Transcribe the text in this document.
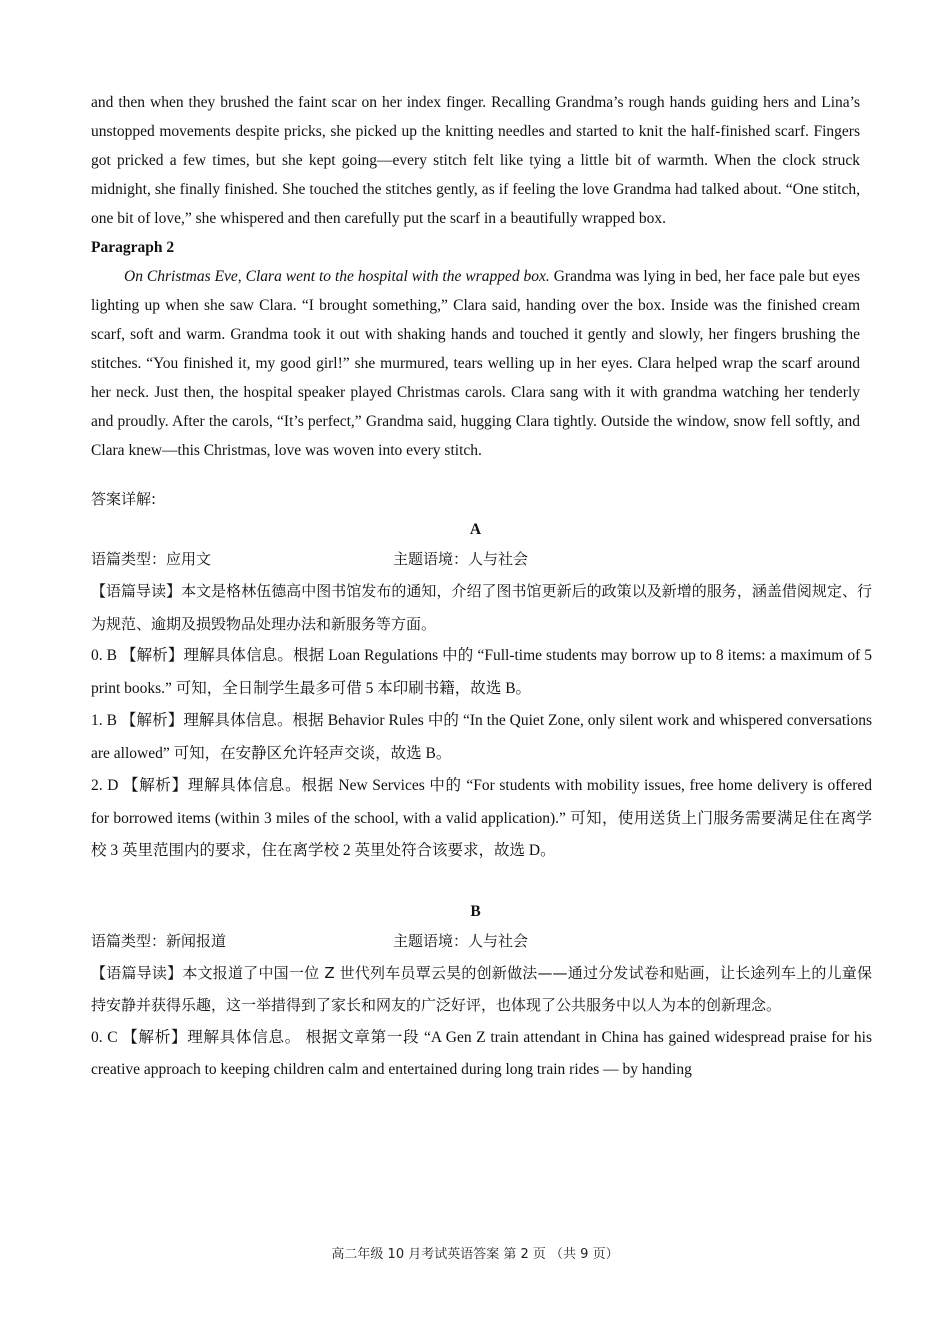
and then when they brushed the faint scar on her index finger. Recalling Grandma’s rough hands guiding hers and Lina’s unstopped movements despite pricks, she picked up the knitting needles and started to knit the half-finished scarf. Fingers got pricked a few times, but she kept going—every stitch felt like tying a little bit of warmth. When the clock struck midnight, she finally finished. She touched the stitches gently, as if feeling the love Grandma had talked about. “One stitch, one bit of love,” she whispered and then carefully put the scarf in a beautifully wrapped box.

Paragraph 2

On Christmas Eve, Clara went to the hospital with the wrapped box. Grandma was lying in bed, her face pale but eyes lighting up when she saw Clara. “I brought something,” Clara said, handing over the box. Inside was the finished cream scarf, soft and warm. Grandma took it out with shaking hands and touched it gently and slowly, her fingers brushing the stitches. “You finished it, my good girl!” she murmured, tears welling up in her eyes. Clara helped wrap the scarf around her neck. Just then, the hospital speaker played Christmas carols. Clara sang with it with grandma watching her tenderly and proudly. After the carols, “It’s perfect,” Grandma said, hugging Clara tightly. Outside the window, snow fell softly, and Clara knew—this Christmas, love was woven into every stitch.

答案详解:
A
语篇类型：应用文	主题语境：人与社会

【语篇导读】本文是格林伍德高中图书馆发布的通知，介绍了图书馆更新后的政策以及新增的服务，涵盖借阅规定、行为规范、逾期及损毁物品处理办法和新服务等方面。

0. B 【解析】理解具体信息。根据 Loan Regulations 中的 “Full-time students may borrow up to 8 items: a maximum of 5 print books.” 可知，全日制学生最多可借 5 本印刷书籍，故选 B。

1. B 【解析】理解具体信息。根据 Behavior Rules 中的 “In the Quiet Zone, only silent work and whispered conversations are allowed” 可知，在安静区允许轻声交谈，故选 B。

2. D 【解析】理解具体信息。根据 New Services 中的 “For students with mobility issues, free home delivery is offered for borrowed items (within 3 miles of the school, with a valid application).” 可知，使用送货上门服务需要满足住在离学校 3 英里范围内的要求，住在离学校 2 英里处符合该要求，故选 D。

B
语篇类型：新闻报道	主题语境：人与社会

【语篇导读】本文报道了中国一位 Z 世代列车员覃云昊的创新做法——通过分发试卷和贴画，让长途列车上的儿童保持安静并获得乐趣，这一举措得到了家长和网友的广泛好评，也体现了公共服务中以人为本的创新理念。

0. C 【解析】理解具体信息。 根据文章第一段 “A Gen Z train attendant in China has gained widespread praise for his creative approach to keeping children calm and entertained during long train rides — by handing

高二年级 10 月考试英语答案 第 2 页 （共 9 页）
